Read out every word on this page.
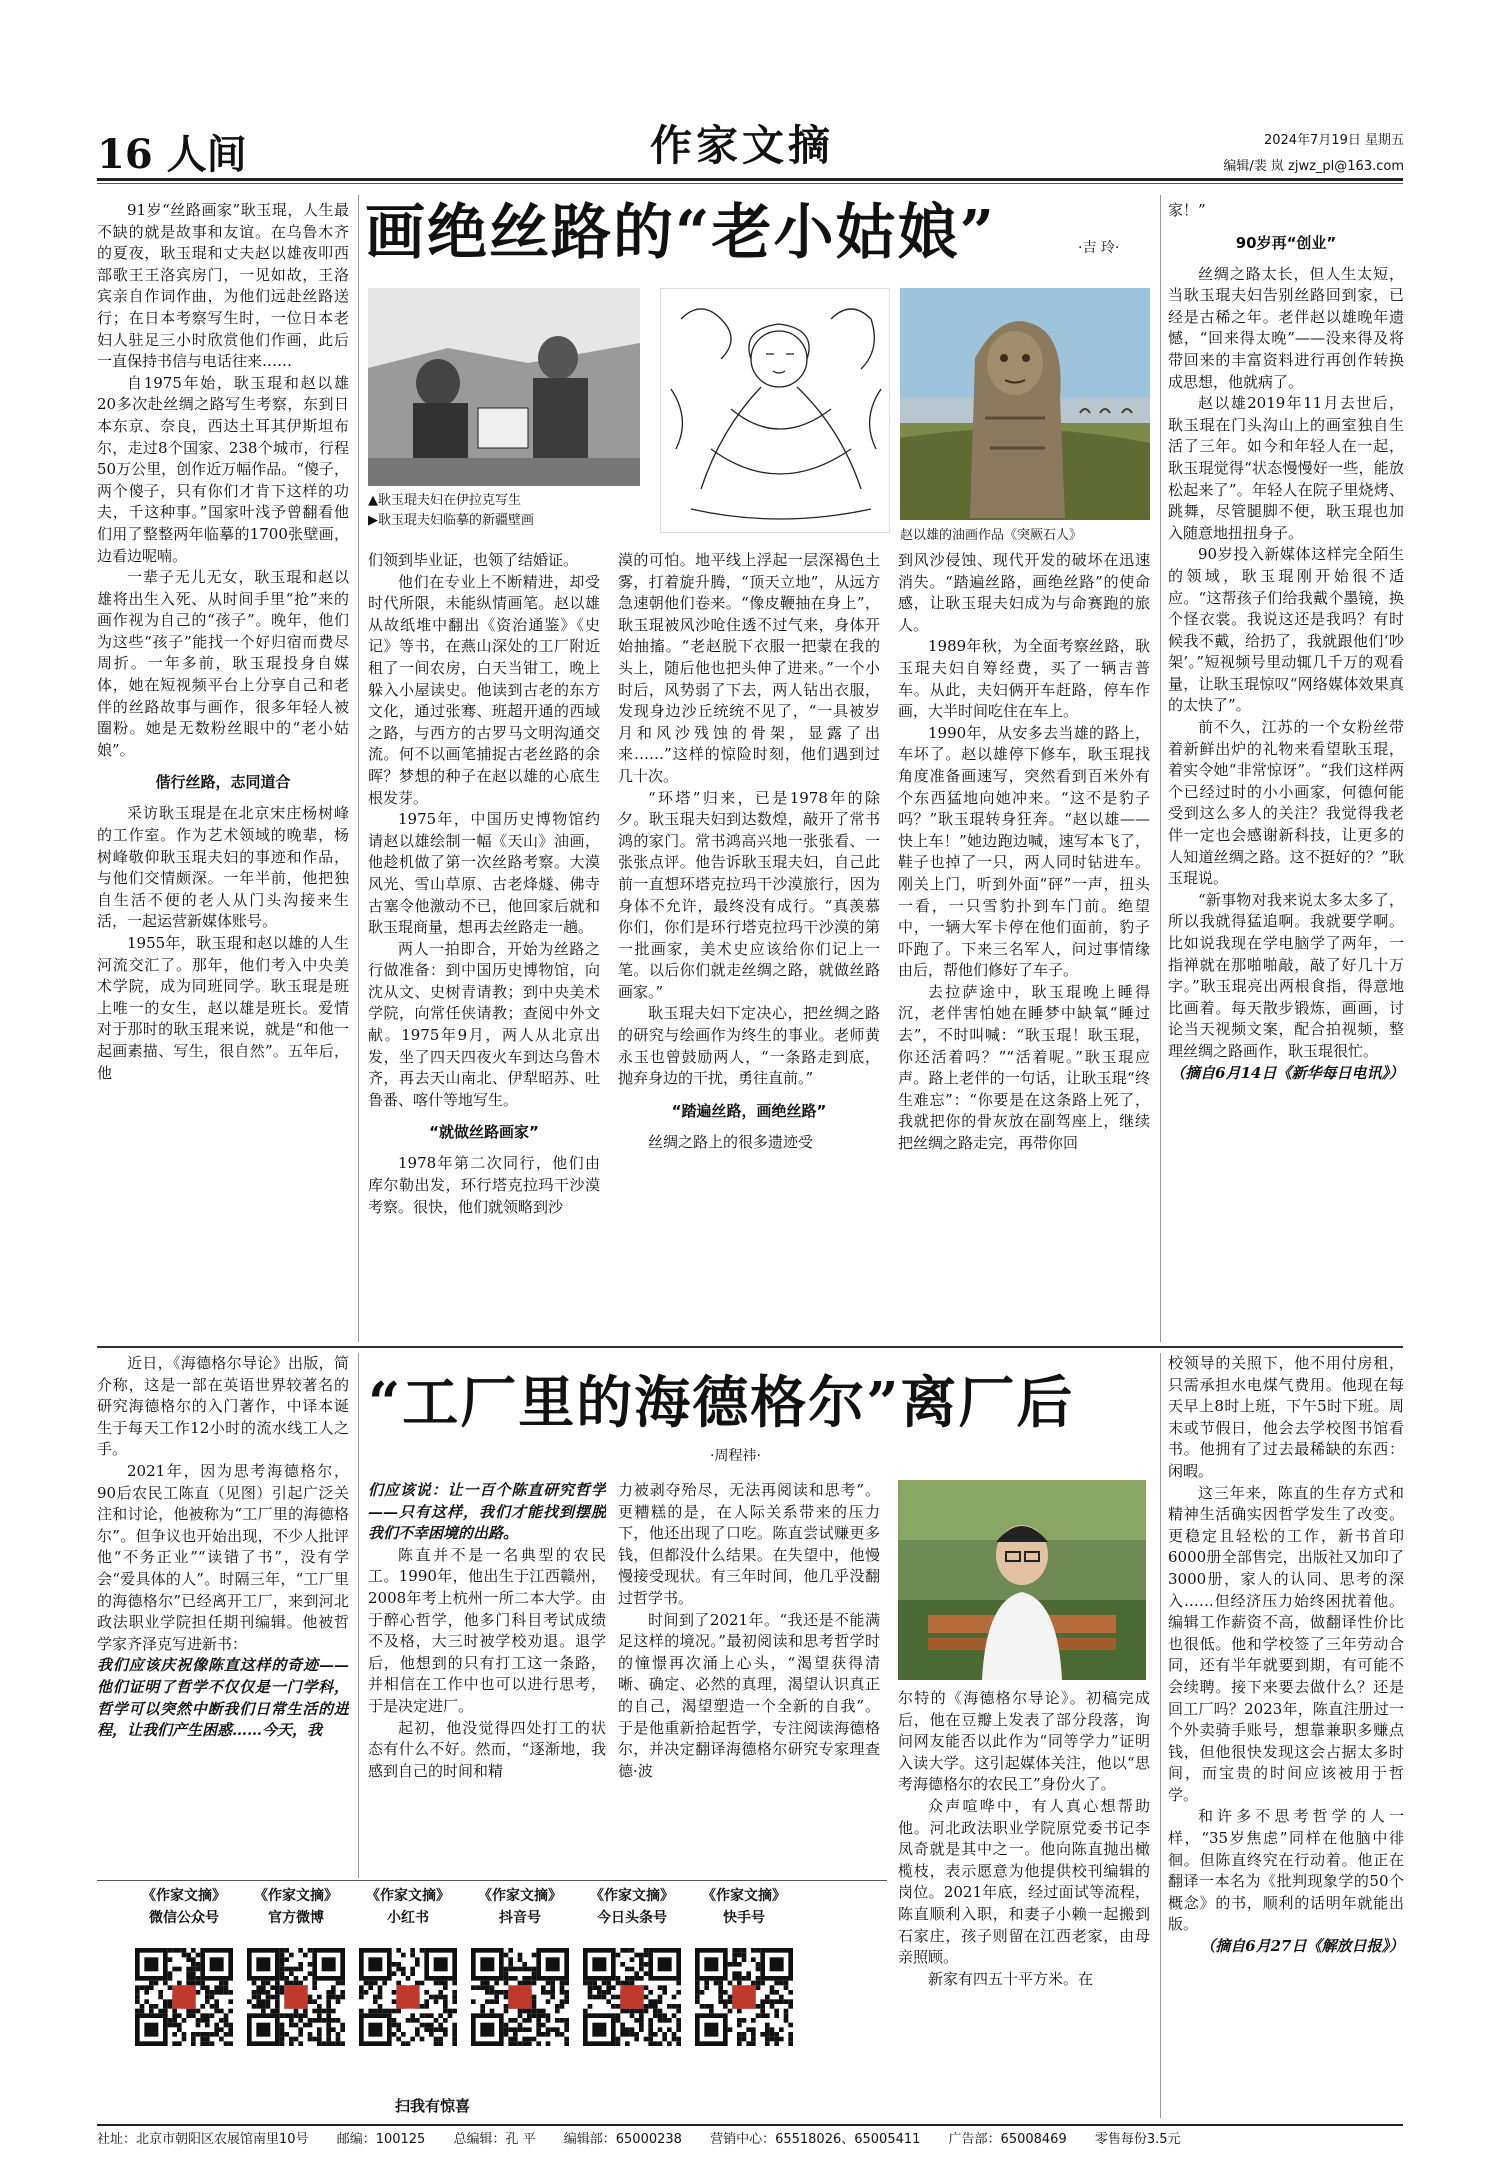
16 人间	作家文摘	2024年7月19日 星期五
编辑/裴 岚 zjwz_pl@163.com
画绝丝路的“老小姑娘”	·吉 玲·
▲耿玉琨夫妇在伊拉克写生
▶耿玉琨夫妇临摹的新疆壁画
赵以雄的油画作品《突厥石人》

91岁“丝路画家”耿玉琨，人生最不缺的就是故事和友谊。在乌鲁木齐的夏夜，耿玉琨和丈夫赵以雄夜叩西部歌王王洛宾房门，一见如故，王洛宾亲自作词作曲，为他们远赴丝路送行；在日本考察写生时，一位日本老妇人驻足三小时欣赏他们作画，此后一直保持书信与电话往来……

自1975年始，耿玉琨和赵以雄20多次赴丝绸之路写生考察，东到日本东京、奈良，西达土耳其伊斯坦布尔，走过8个国家、238个城市，行程50万公里，创作近万幅作品。“傻子，两个傻子，只有你们才肯下这样的功夫，千这种事。”国家叶浅予曾翻看他们用了整整两年临摹的1700张壁画，边看边呢喃。

一辈子无儿无女，耿玉琨和赵以雄将出生入死、从时间手里“抢”来的画作视为自己的“孩子”。晚年，他们为这些“孩子”能找一个好归宿而费尽周折。一年多前，耿玉琨投身自媒体，她在短视频平台上分享自己和老伴的丝路故事与画作，很多年轻人被圈粉。她是无数粉丝眼中的“老小姑娘”。

偕行丝路，志同道合

采访耿玉琨是在北京宋庄杨树峰的工作室。作为艺术领域的晚辈，杨树峰敬仰耿玉琨夫妇的事迹和作品，与他们交情颇深。一年半前，他把独自生活不便的老人从门头沟接来生活，一起运营新媒体账号。

1955年，耿玉琨和赵以雄的人生河流交汇了。那年，他们考入中央美术学院，成为同班同学。耿玉琨是班上唯一的女生，赵以雄是班长。爱情对于那时的耿玉琨来说，就是“和他一起画素描、写生，很自然”。五年后，他

们领到毕业证，也领了结婚证。

他们在专业上不断精进，却受时代所限，未能纵情画笔。赵以雄从故纸堆中翻出《资治通鉴》《史记》等书，在燕山深处的工厂附近租了一间农房，白天当钳工，晚上躲入小屋读史。他读到古老的东方文化，通过张骞、班超开通的西域之路，与西方的古罗马文明沟通交流。何不以画笔捕捉古老丝路的余晖？梦想的种子在赵以雄的心底生根发芽。

1975年，中国历史博物馆约请赵以雄绘制一幅《天山》油画，他趁机做了第一次丝路考察。大漠风光、雪山草原、古老烽燧、佛寺古塞令他激动不已，他回家后就和耿玉琨商量，想再去丝路走一趟。

两人一拍即合，开始为丝路之行做准备：到中国历史博物馆，向沈从文、史树青请教；到中央美术学院，向常任侠请教；查阅中外文献。1975年9月，两人从北京出发，坐了四天四夜火车到达乌鲁木齐，再去天山南北、伊犁昭苏、吐鲁番、喀什等地写生。

“就做丝路画家”

1978年第二次同行，他们由库尔勒出发，环行塔克拉玛干沙漠考察。很快，他们就领略到沙

漠的可怕。地平线上浮起一层深褐色土雾，打着旋升腾，“顶天立地”，从远方急速朝他们卷来。“像皮鞭抽在身上”，耿玉琨被风沙呛住透不过气来，身体开始抽搐。“老赵脱下衣服一把蒙在我的头上，随后他也把头伸了进来。”一个小时后，风势弱了下去，两人钻出衣服，发现身边沙丘统统不见了，“一具被岁月和风沙残蚀的骨架，显露了出来……”这样的惊险时刻，他们遇到过几十次。

“环塔”归来，已是1978年的除夕。耿玉琨夫妇到达数煌，敲开了常书鸿的家门。常书鸿高兴地一张张看、一张张点评。他告诉耿玉琨夫妇，自己此前一直想环塔克拉玛干沙漠旅行，因为身体不允许，最终没有成行。“真羡慕你们，你们是环行塔克拉玛干沙漠的第一批画家，美术史应该给你们记上一笔。以后你们就走丝绸之路，就做丝路画家。”

耿玉琨夫妇下定决心，把丝绸之路的研究与绘画作为终生的事业。老师黄永玉也曾鼓励两人，“一条路走到底，抛弃身边的干扰，勇往直前。”

“踏遍丝路，画绝丝路”

丝绸之路上的很多遗迹受

到风沙侵蚀、现代开发的破坏在迅速消失。“踏遍丝路，画绝丝路”的使命感，让耿玉琨夫妇成为与命赛跑的旅人。

1989年秋，为全面考察丝路，耿玉琨夫妇自筹经费，买了一辆吉普车。从此，夫妇俩开车赶路，停车作画，大半时间吃住在车上。

1990年，从安多去当雄的路上，车坏了。赵以雄停下修车，耿玉琨找角度准备画速写，突然看到百米外有个东西猛地向她冲来。“这不是豹子吗？”耿玉琨转身狂奔。“赵以雄——快上车！”她边跑边喊，速写本飞了，鞋子也掉了一只，两人同时钻进车。刚关上门，听到外面“砰”一声，扭头一看，一只雪豹扑到车门前。绝望中，一辆大军卡停在他们面前，豹子吓跑了。下来三名军人，问过事情缘由后，帮他们修好了车子。

去拉萨途中，耿玉琨晚上睡得沉，老伴害怕她在睡梦中缺氧“睡过去”，不时叫喊：“耿玉琨！耿玉琨，你还活着吗？”“活着呢。”耿玉琨应声。路上老伴的一句话，让耿玉琨“终生难忘”：“你要是在这条路上死了，我就把你的骨灰放在副驾座上，继续把丝绸之路走完，再带你回

家！”

90岁再“创业”

丝绸之路太长，但人生太短，当耿玉琨夫妇告别丝路回到家，已经是古稀之年。老伴赵以雄晚年遗憾，“回来得太晚”——没来得及将带回来的丰富资料进行再创作转换成思想，他就病了。

赵以雄2019年11月去世后，耿玉琨在门头沟山上的画室独自生活了三年。如今和年轻人在一起，耿玉琨觉得“状态慢慢好一些，能放松起来了”。年轻人在院子里烧烤、跳舞，尽管腿脚不便，耿玉琨也加入随意地扭扭身子。

90岁投入新媒体这样完全陌生的领域，耿玉琨刚开始很不适应。“这帮孩子们给我戴个墨镜，换个怪衣裳。我说这还是我吗？有时候我不戴，给扔了，我就跟他们‘吵架’。”短视频号里动辄几千万的观看量，让耿玉琨惊叹“网络媒体效果真的太快了”。

前不久，江苏的一个女粉丝带着新鲜出炉的礼物来看望耿玉琨，着实令她“非常惊讶”。“我们这样两个已经过时的小小画家，何德何能受到这么多人的关注？我觉得我老伴一定也会感谢新科技，让更多的人知道丝绸之路。这不挺好的？”耿玉琨说。

“新事物对我来说太多太多了，所以我就得猛追啊。我就要学啊。比如说我现在学电脑学了两年，一指禅就在那啪啪敲，敲了好几十万字。”耿玉琨亮出两根食指，得意地比画着。每天散步锻炼，画画，讨论当天视频文案，配合拍视频，整理丝绸之路画作，耿玉琨很忙。

（摘自6月14日《新华每日电讯》）

“工厂里的海德格尔”离厂后
·周程祎·

近日，《海德格尔导论》出版，简介称，这是一部在英语世界较著名的研究海德格尔的入门著作，中译本诞生于每天工作12小时的流水线工人之手。

2021年，因为思考海德格尔，90后农民工陈直（见图）引起广泛关注和讨论，他被称为“工厂里的海德格尔”。但争议也开始出现，不少人批评他“不务正业”“读错了书”，没有学会“爱具体的人”。时隔三年，“工厂里的海德格尔”已经离开工厂，来到河北政法职业学院担任期刊编辑。他被哲学家齐泽克写进新书：

我们应该庆祝像陈直这样的奇迹——他们证明了哲学不仅仅是一门学科，哲学可以突然中断我们日常生活的进程，让我们产生困惑……今天，我

们应该说：让一百个陈直研究哲学——只有这样，我们才能找到摆脱我们不幸困境的出路。

陈直并不是一名典型的农民工。1990年，他出生于江西赣州，2008年考上杭州一所二本大学。由于醉心哲学，他多门科目考试成绩不及格，大三时被学校劝退。退学后，他想到的只有打工这一条路，并相信在工作中也可以进行思考，于是决定进厂。

起初，他没觉得四处打工的状态有什么不好。然而，“逐渐地，我感到自己的时间和精

力被剥夺殆尽，无法再阅读和思考”。更糟糕的是，在人际关系带来的压力下，他还出现了口吃。陈直尝试赚更多钱，但都没什么结果。在失望中，他慢慢接受现状。有三年时间，他几乎没翻过哲学书。

时间到了2021年。“我还是不能满足这样的境况。”最初阅读和思考哲学时的憧憬再次涌上心头，“渴望获得清晰、确定、必然的真理，渴望认识真正的自己，渴望塑造一个全新的自我”。于是他重新拾起哲学，专注阅读海德格尔，并决定翻译海德格尔研究专家理查德·波

尔特的《海德格尔导论》。初稿完成后，他在豆瓣上发表了部分段落，询问网友能否以此作为“同等学力”证明入读大学。这引起媒体关注，他以“思考海德格尔的农民工”身份火了。

众声喧哗中，有人真心想帮助他。河北政法职业学院原党委书记李凤奇就是其中之一。他向陈直抛出橄榄枝，表示愿意为他提供校刊编辑的岗位。2021年底，经过面试等流程，陈直顺利入职，和妻子小赖一起搬到石家庄，孩子则留在江西老家，由母亲照顾。

新家有四五十平方米。在

校领导的关照下，他不用付房租，只需承担水电煤气费用。他现在每天早上8时上班，下午5时下班。周末或节假日，他会去学校图书馆看书。他拥有了过去最稀缺的东西：闲暇。

这三年来，陈直的生存方式和精神生活确实因哲学发生了改变。更稳定且轻松的工作，新书首印6000册全部售完，出版社又加印了3000册，家人的认同、思考的深入……但经济压力始终困扰着他。编辑工作薪资不高，做翻译性价比也很低。他和学校签了三年劳动合同，还有半年就要到期，有可能不会续聘。接下来要去做什么？还是回工厂吗？2023年，陈直注册过一个外卖骑手账号，想靠兼职多赚点钱，但他很快发现这会占据太多时间，而宝贵的时间应该被用于哲学。

和许多不思考哲学的人一样，“35岁焦虑”同样在他脑中徘徊。但陈直终究在行动着。他正在翻译一本名为《批判现象学的50个概念》的书，顺利的话明年就能出版。

（摘自6月27日《解放日报》）

《作家文摘》
微信公众号
《作家文摘》
官方微博
《作家文摘》
小红书
《作家文摘》
抖音号
《作家文摘》
今日头条号
《作家文摘》
快手号
扫我有惊喜
社址：北京市朝阳区农展馆南里10号 邮编：100125 总编辑：孔 平 编辑部：65000238 营销中心：65518026、65005411 广告部：65008469 零售每份3.5元
